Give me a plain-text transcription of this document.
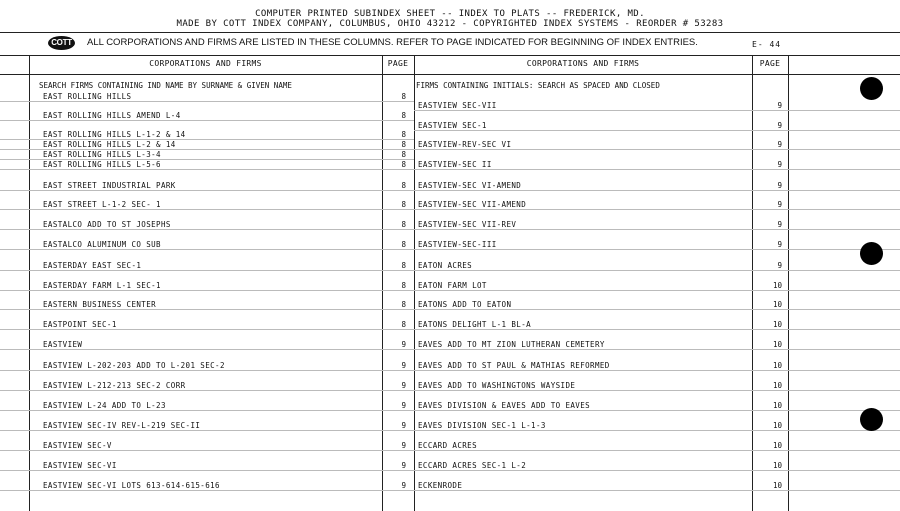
COMPUTER PRINTED SUBINDEX SHEET -- INDEX TO PLATS -- FREDERICK, MD.
MADE BY COTT INDEX COMPANY, COLUMBUS, OHIO 43212 - COPYRIGHTED INDEX SYSTEMS - REORDER # 53283
COTT	ALL CORPORATIONS AND FIRMS ARE LISTED IN THESE COLUMNS. REFER TO PAGE INDICATED FOR BEGINNING OF INDEX ENTRIES.	E- 44
CORPORATIONS AND FIRMS	PAGE	CORPORATIONS AND FIRMS	PAGE
SEARCH FIRMS CONTAINING IND NAME BY SURNAME & GIVEN NAME	FIRMS CONTAINING INITIALS: SEARCH AS SPACED AND CLOSED
EAST ROLLING HILLS	8
EAST ROLLING HILLS AMEND L-4	8
EAST ROLLING HILLS L-1-2 & 14	8
EAST ROLLING HILLS L-2 & 14	8
EAST ROLLING HILLS L-3-4	8
EAST ROLLING HILLS L-5-6	8
EAST STREET INDUSTRIAL PARK	8
EAST STREET L-1-2 SEC- 1	8
EASTALCO ADD TO ST JOSEPHS	8
EASTALCO ALUMINUM CO SUB	8
EASTERDAY EAST SEC-1	8
EASTERDAY FARM L-1 SEC-1	8
EASTERN BUSINESS CENTER	8
EASTPOINT SEC-1	8
EASTVIEW	9
EASTVIEW L-202-203 ADD TO L-201 SEC-2	9
EASTVIEW L-212-213 SEC-2 CORR	9
EASTVIEW L-24 ADD TO L-23	9
EASTVIEW SEC-IV REV-L-219 SEC-II	9
EASTVIEW SEC-V	9
EASTVIEW SEC-VI	9
EASTVIEW SEC-VI LOTS 613-614-615-616	9
EASTVIEW SEC-VII	9
EASTVIEW SEC-1	9
EASTVIEW-REV-SEC VI	9
EASTVIEW-SEC II	9
EASTVIEW-SEC VI-AMEND	9
EASTVIEW-SEC VII-AMEND	9
EASTVIEW-SEC VII-REV	9
EASTVIEW-SEC-III	9
EATON ACRES	9
EATON FARM LOT	10
EATONS ADD TO EATON	10
EATONS DELIGHT L-1 BL-A	10
EAVES ADD TO MT ZION LUTHERAN CEMETERY	10
EAVES ADD TO ST PAUL & MATHIAS REFORMED	10
EAVES ADD TO WASHINGTONS WAYSIDE	10
EAVES DIVISION & EAVES ADD TO EAVES	10
EAVES DIVISION SEC-1 L-1-3	10
ECCARD ACRES	10
ECCARD ACRES SEC-1 L-2	10
ECKENRODE	10
